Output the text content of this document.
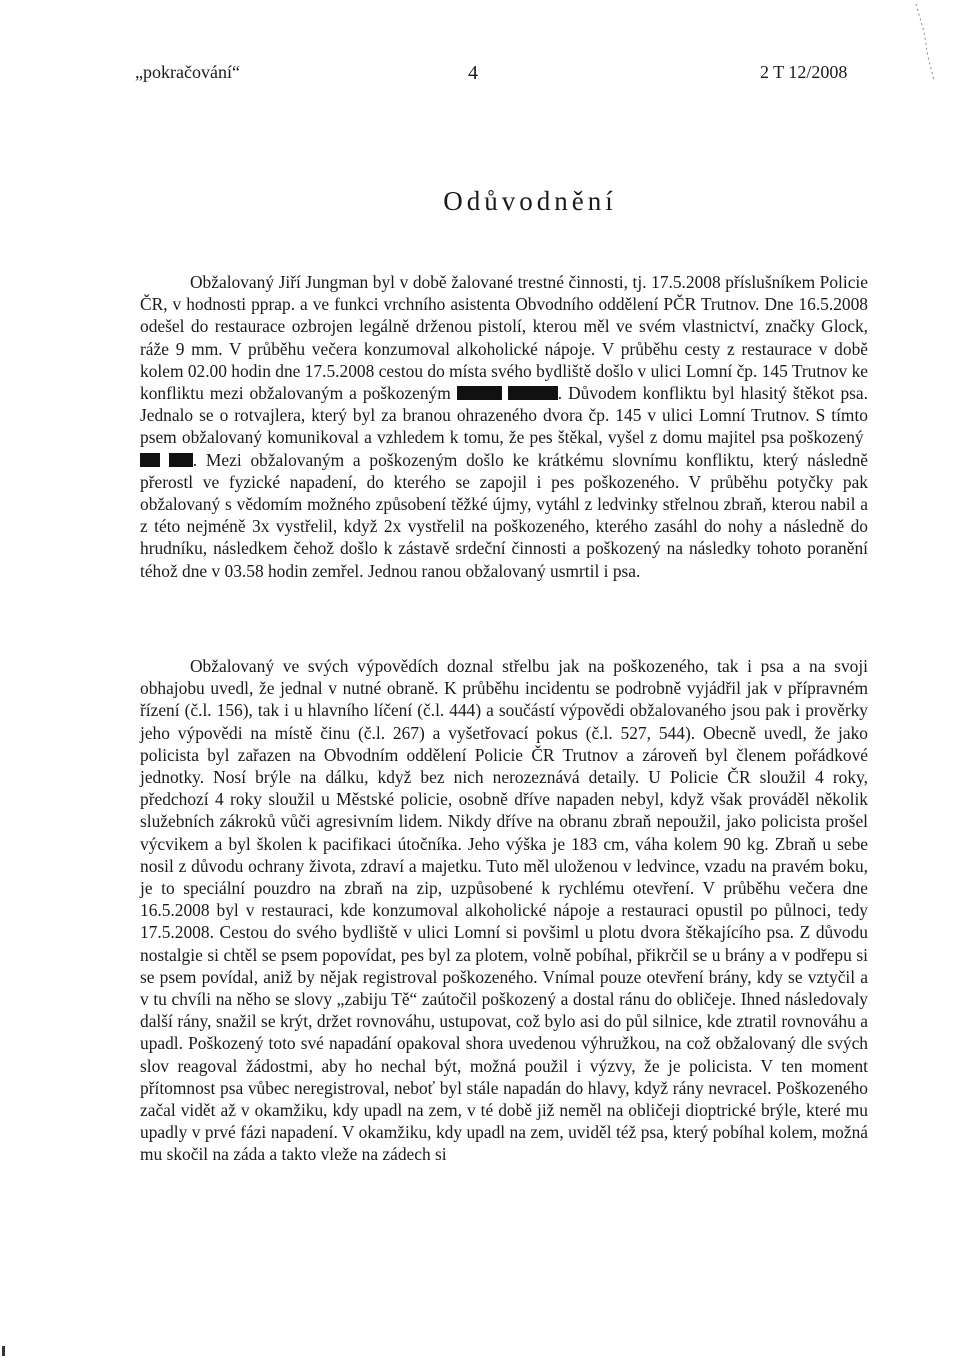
„pokračování“	4	2 T 12/2008
Odůvodnění

Obžalovaný Jiří Jungman byl v době žalované trestné činnosti, tj. 17.5.2008 příslušníkem Policie ČR, v hodnosti pprap. a ve funkci vrchního asistenta Obvodního oddělení PČR Trutnov. Dne 16.5.2008 odešel do restaurace ozbrojen legálně drženou pistolí, kterou měl ve svém vlastnictví, značky Glock, ráže 9 mm. V průběhu večera konzumoval alkoholické nápoje. V průběhu cesty z restaurace v době kolem 02.00 hodin dne 17.5.2008 cestou do místa svého bydliště došlo v ulici Lomní čp. 145 Trutnov ke konfliktu mezi obžalovaným a poškozeným	. Důvodem konfliktu byl hlasitý štěkot psa. Jednalo se o rotvajlera, který byl za branou ohrazeného dvora čp. 145 v ulici Lomní Trutnov. S tímto psem obžalovaný komunikoval a vzhledem k tomu, že pes štěkal, vyšel z domu majitel psa poškozený  . Mezi obžalovaným a poškozeným došlo ke krátkému slovnímu konfliktu, který následně přerostl ve fyzické napadení, do kterého se zapojil i pes poškozeného. V průběhu potyčky pak obžalovaný s vědomím možného způsobení těžké újmy, vytáhl z ledvinky střelnou zbraň, kterou nabil a z této nejméně 3x vystřelil, když 2x vystřelil na poškozeného, kterého zasáhl do nohy a následně do hrudníku, následkem čehož došlo k zástavě srdeční činnosti a poškozený na následky tohoto poranění téhož dne v 03.58 hodin zemřel. Jednou ranou obžalovaný usmrtil i psa.

Obžalovaný ve svých výpovědích doznal střelbu jak na poškozeného, tak i psa a na svoji obhajobu uvedl, že jednal v nutné obraně. K průběhu incidentu se podrobně vyjádřil jak v přípravném řízení (č.l. 156), tak i u hlavního líčení (č.l. 444) a součástí výpovědi obžalovaného jsou pak i prověrky jeho výpovědi na místě činu (č.l. 267) a vyšetřovací pokus (č.l. 527, 544). Obecně uvedl, že jako policista byl zařazen na Obvodním oddělení Policie ČR Trutnov a zároveň byl členem pořádkové jednotky. Nosí brýle na dálku, když bez nich nerozeznává detaily. U Policie ČR sloužil 4 roky, předchozí 4 roky sloužil u Městské policie, osobně dříve napaden nebyl, když však prováděl několik služebních zákroků vůči agresivním lidem. Nikdy dříve na obranu zbraň nepoužil, jako policista prošel výcvikem a byl školen k pacifikaci útočníka. Jeho výška je 183 cm, váha kolem 90 kg. Zbraň u sebe nosil z důvodu ochrany života, zdraví a majetku. Tuto měl uloženou v ledvince, vzadu na pravém boku, je to speciální pouzdro na zbraň na zip, uzpůsobené k rychlému otevření. V průběhu večera dne 16.5.2008 byl v restauraci, kde konzumoval alkoholické nápoje a restauraci opustil po půlnoci, tedy 17.5.2008. Cestou do svého bydliště v ulici Lomní si povšiml u plotu dvora štěkajícího psa. Z důvodu nostalgie si chtěl se psem popovídat, pes byl za plotem, volně pobíhal, přikrčil se u brány a v podřepu si se psem povídal, aniž by nějak registroval poškozeného. Vnímal pouze otevření brány, kdy se vztyčil a v tu chvíli na něho se slovy „zabiju Tě“ zaútočil poškozený a dostal ránu do obličeje. Ihned následovaly další rány, snažil se krýt, držet rovnováhu, ustupovat, což bylo asi do půl silnice, kde ztratil rovnováhu a upadl. Poškozený toto své napadání opakoval shora uvedenou výhružkou, na což obžalovaný dle svých slov reagoval žádostmi, aby ho nechal být, možná použil i výzvy, že je policista. V ten moment přítomnost psa vůbec neregistroval, neboť byl stále napadán do hlavy, když rány nevracel. Poškozeného začal vidět až v okamžiku, kdy upadl na zem, v té době již neměl na obličeji dioptrické brýle, které mu upadly v prvé fázi napadení. V okamžiku, kdy upadl na zem, uviděl též psa, který pobíhal kolem, možná mu skočil na záda a takto vleže na zádech si
